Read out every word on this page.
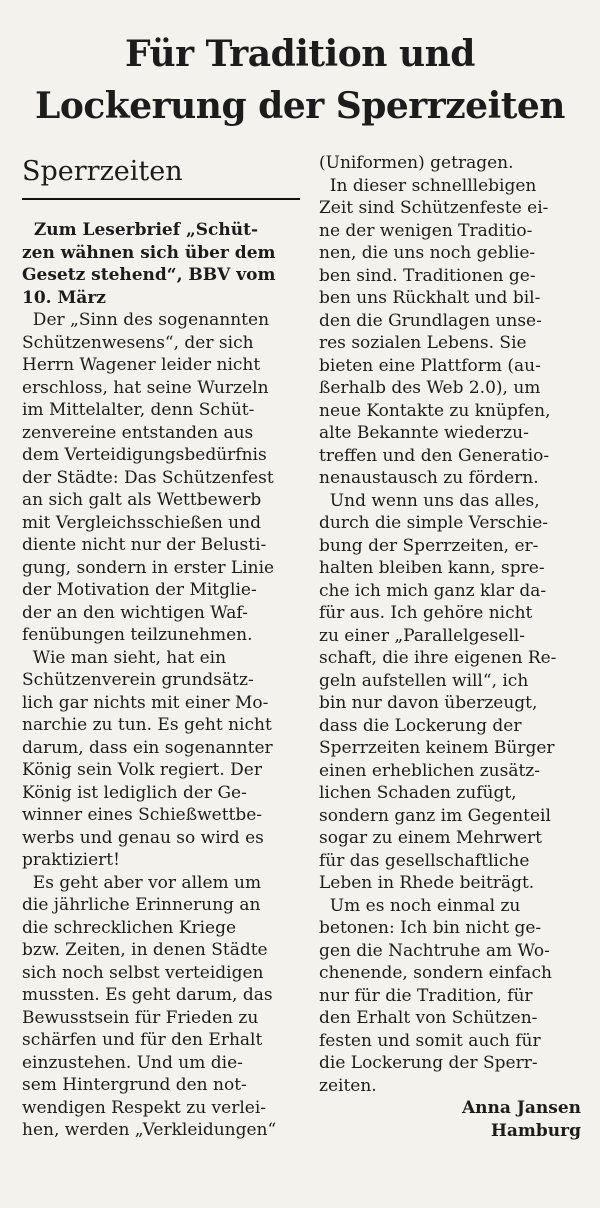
Für Tradition und
Lockerung der Sperrzeiten
Sperrzeiten
Zum Leserbrief „Schüt-
zen wähnen sich über dem
Gesetz stehend“, BBV vom
10. März
Der „Sinn des sogenannten
Schützenwesens“, der sich
Herrn Wagener leider nicht
erschloss, hat seine Wurzeln
im Mittelalter, denn Schüt-
zenvereine entstanden aus
dem Verteidigungsbedürfnis
der Städte: Das Schützenfest
an sich galt als Wettbewerb
mit Vergleichsschießen und
diente nicht nur der Belusti-
gung, sondern in erster Linie
der Motivation der Mitglie-
der an den wichtigen Waf-
fenübungen teilzunehmen.
Wie man sieht, hat ein
Schützenverein grundsätz-
lich gar nichts mit einer Mo-
narchie zu tun. Es geht nicht
darum, dass ein sogenannter
König sein Volk regiert. Der
König ist lediglich der Ge-
winner eines Schießwettbe-
werbs und genau so wird es
praktiziert!
Es geht aber vor allem um
die jährliche Erinnerung an
die schrecklichen Kriege
bzw. Zeiten, in denen Städte
sich noch selbst verteidigen
mussten. Es geht darum, das
Bewusstsein für Frieden zu
schärfen und für den Erhalt
einzustehen. Und um die-
sem Hintergrund den not-
wendigen Respekt zu verlei-
hen, werden „Verkleidungen“
(Uniformen) getragen.
In dieser schnelllebigen
Zeit sind Schützenfeste ei-
ne der wenigen Traditio-
nen, die uns noch geblie-
ben sind. Traditionen ge-
ben uns Rückhalt und bil-
den die Grundlagen unse-
res sozialen Lebens. Sie
bieten eine Plattform (au-
ßerhalb des Web 2.0), um
neue Kontakte zu knüpfen,
alte Bekannte wiederzu-
treffen und den Generatio-
nenaustausch zu fördern.
Und wenn uns das alles,
durch die simple Verschie-
bung der Sperrzeiten, er-
halten bleiben kann, spre-
che ich mich ganz klar da-
für aus. Ich gehöre nicht
zu einer „Parallelgesell-
schaft, die ihre eigenen Re-
geln aufstellen will“, ich
bin nur davon überzeugt,
dass die Lockerung der
Sperrzeiten keinem Bürger
einen erheblichen zusätz-
lichen Schaden zufügt,
sondern ganz im Gegenteil
sogar zu einem Mehrwert
für das gesellschaftliche
Leben in Rhede beiträgt.
Um es noch einmal zu
betonen: Ich bin nicht ge-
gen die Nachtruhe am Wo-
chenende, sondern einfach
nur für die Tradition, für
den Erhalt von Schützen-
festen und somit auch für
die Lockerung der Sperr-
zeiten.
Anna Jansen
Hamburg
